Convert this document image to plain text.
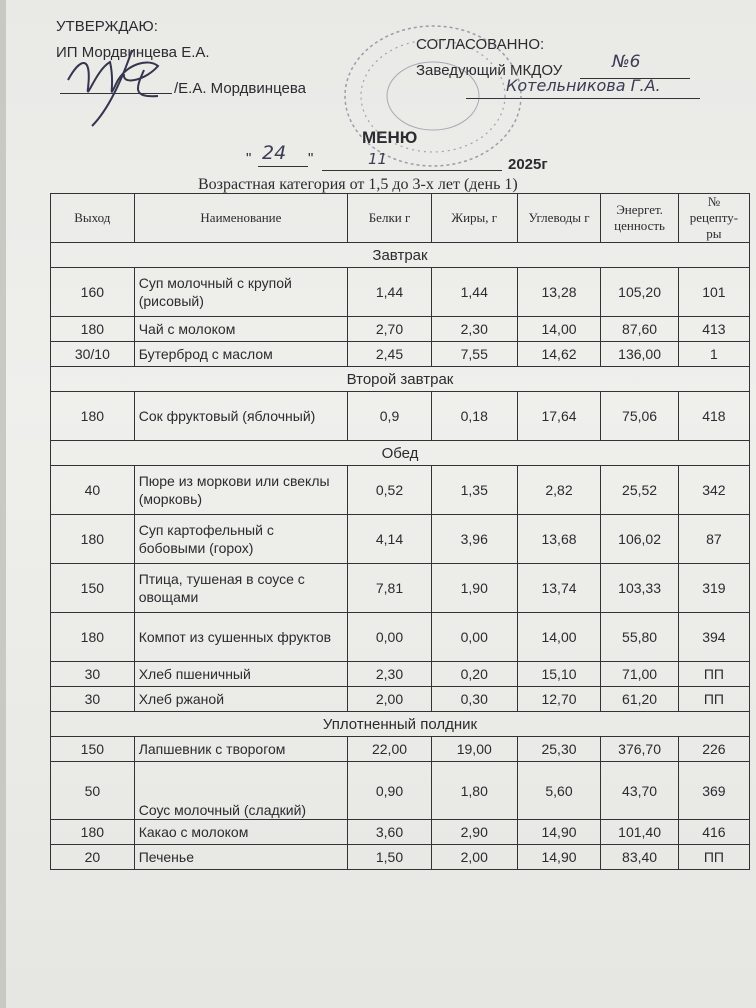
УТВЕРЖДАЮ:
ИП Мордвинцева Е.А.
/Е.А. Мордвинцева
СОГЛАСОВАННО:
Заведующий МКДОУ	№6
Котельникова Г.А.
МЕНЮ
" 24 "	11	2025г
Возрастная категория от 1,5 до 3-х лет (день 1)
Выход	Наименование	Белки г	Жиры, г	Углеводы г	Энергет. ценность	№ рецепту-ры
Завтрак						
160	Суп молочный с крупой (рисовый)	1,44	1,44	13,28	105,20	101
180	Чай с молоком	2,70	2,30	14,00	87,60	413
30/10	Бутерброд с маслом	2,45	7,55	14,62	136,00	1
Второй завтрак						
180	Сок фруктовый (яблочный)	0,9	0,18	17,64	75,06	418
Обед						
40	Пюре из моркови или свеклы (морковь)	0,52	1,35	2,82	25,52	342
180	Суп картофельный с бобовыми (горох)	4,14	3,96	13,68	106,02	87
150	Птица, тушеная в соусе с овощами	7,81	1,90	13,74	103,33	319
180	Компот из сушенных фруктов	0,00	0,00	14,00	55,80	394
30	Хлеб пшеничный	2,30	0,20	15,10	71,00	ПП
30	Хлеб ржаной	2,00	0,30	12,70	61,20	ПП
Уплотненный полдник						
150	Лапшевник с творогом	22,00	19,00	25,30	376,70	226
50	Соус молочный (сладкий)	0,90	1,80	5,60	43,70	369
180	Какао с молоком	3,60	2,90	14,90	101,40	416
20	Печенье	1,50	2,00	14,90	83,40	ПП
